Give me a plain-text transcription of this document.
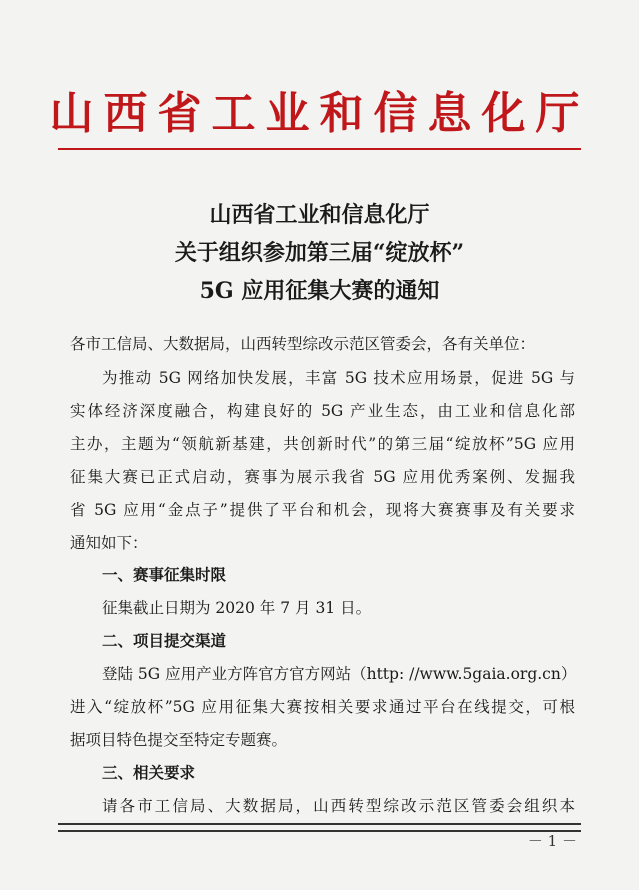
山西省工业和信息化厅
山西省工业和信息化厅
关于组织参加第三届“绽放杯”
5G 应用征集大赛的通知
各市工信局、大数据局，山西转型综改示范区管委会，各有关单位：
为推动 5G 网络加快发展，丰富 5G 技术应用场景，促进 5G 与
实体经济深度融合，构建良好的 5G 产业生态，由工业和信息化部
主办，主题为“领航新基建，共创新时代”的第三届“绽放杯”5G 应用
征集大赛已正式启动，赛事为展示我省 5G 应用优秀案例、发掘我
省 5G 应用“金点子”提供了平台和机会，现将大赛赛事及有关要求
通知如下：
一、赛事征集时限
征集截止日期为 2020 年 7 月 31 日。
二、项目提交渠道
登陆 5G 应用产业方阵官方官方网站（http: //www.5gaia.org.cn）
进入“绽放杯”5G 应用征集大赛按相关要求通过平台在线提交，可根
据项目特色提交至特定专题赛。
三、相关要求
请各市工信局、大数据局，山西转型综改示范区管委会组织本
－ 1 －
